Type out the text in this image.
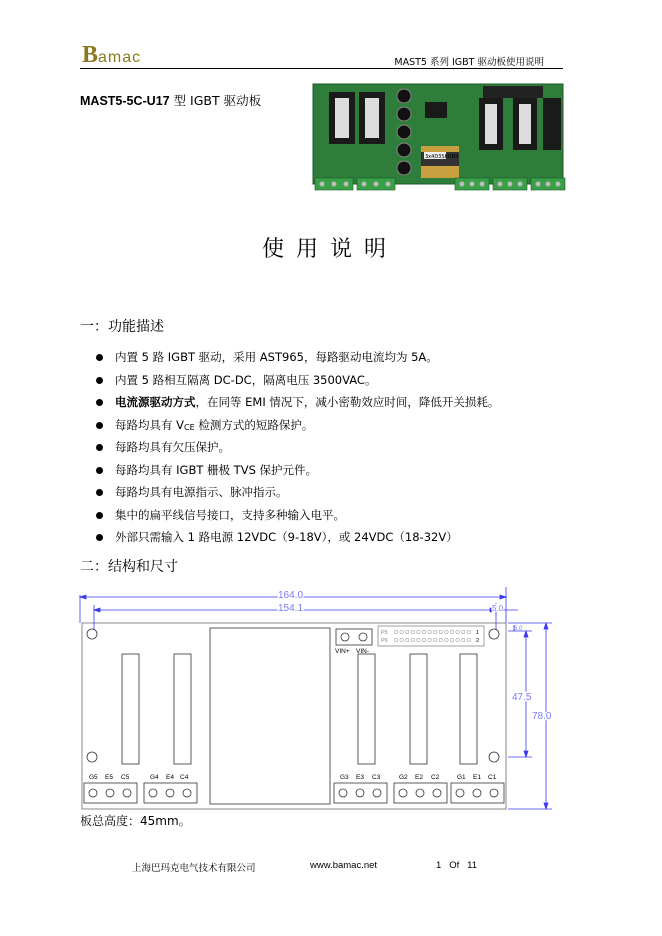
Bamac	MAST5 系列 IGBT 驱动板使用说明
MAST5-5C-U17 型 IGBT 驱动板
3x4D3SKUN3
使用说明
一：功能描述
内置 5 路 IGBT 驱动，采用 AST965，每路驱动电流均为 5A。
内置 5 路相互隔离 DC-DC，隔离电压 3500VAC。
电流源驱动方式，在同等 EMI 情况下，减小密勒效应时间，降低开关损耗。
每路均具有 $V_{CE}$ 检测方式的短路保护。
每路均具有欠压保护。
每路均具有 IGBT 栅极 TVS 保护元件。
每路均具有电源指示、脉冲指示。
集中的扁平线信号接口，支持多种输入电平。
外部只需输入 1 路电源 12VDC（9-18V），或 24VDC（18-32V）
二：结构和尺寸
164.0
154.1	5.0
5.0
47.5
78.0
VIN+ VIN-
P5
P6
1
2
G5 E5 C5	G4 E4 C4	G3 E3 C3	G2 E2 C2	G1 E1 C1
板总高度：45mm。
上海巴玛克电气技术有限公司	www.bamac.net	1 Of 11
